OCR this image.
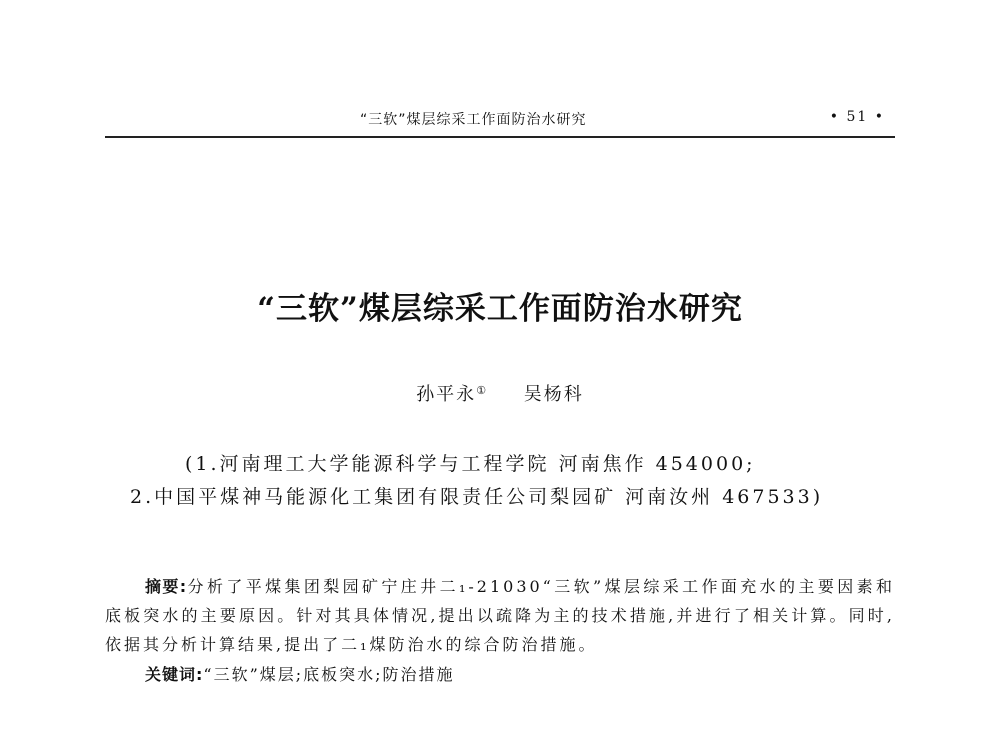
“三软”煤层综采工作面防治水研究	• 51 •
“三软”煤层综采工作面防治水研究
孙平永① 吴杨科
(1.河南理工大学能源科学与工程学院 河南焦作 454000;
2.中国平煤神马能源化工集团有限责任公司梨园矿 河南汝州 467533)

摘要:分析了平煤集团梨园矿宁庄井二₁-21030“三软”煤层综采工作面充水的主要因素和底板突水的主要原因。针对其具体情况,提出以疏降为主的技术措施,并进行了相关计算。同时,依据其分析计算结果,提出了二₁煤防治水的综合防治措施。

关键词:“三软”煤层;底板突水;防治措施
